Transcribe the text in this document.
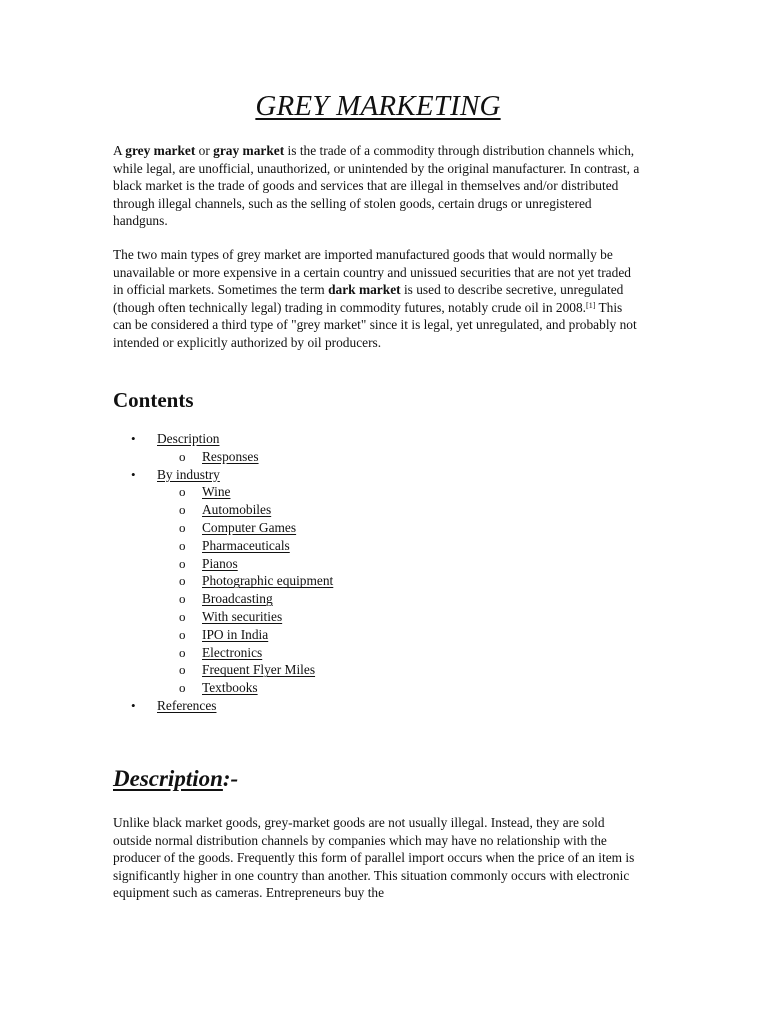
GREY MARKETING

A grey market or gray market is the trade of a commodity through distribution channels which, while legal, are unofficial, unauthorized, or unintended by the original manufacturer. In contrast, a black market is the trade of goods and services that are illegal in themselves and/or distributed through illegal channels, such as the selling of stolen goods, certain drugs or unregistered handguns.

The two main types of grey market are imported manufactured goods that would normally be unavailable or more expensive in a certain country and unissued securities that are not yet traded in official markets. Sometimes the term dark market is used to describe secretive, unregulated (though often technically legal) trading in commodity futures, notably crude oil in 2008.[1] This can be considered a third type of "grey market" since it is legal, yet unregulated, and probably not intended or explicitly authorized by oil producers.

Contents
• Description
o Responses
• By industry
o Wine
o Automobiles
o Computer Games
o Pharmaceuticals
o Pianos
o Photographic equipment
o Broadcasting
o With securities
o IPO in India
o Electronics
o Frequent Flyer Miles
o Textbooks
• References
Description:-

Unlike black market goods, grey-market goods are not usually illegal. Instead, they are sold outside normal distribution channels by companies which may have no relationship with the producer of the goods. Frequently this form of parallel import occurs when the price of an item is significantly higher in one country than another. This situation commonly occurs with electronic equipment such as cameras. Entrepreneurs buy the
